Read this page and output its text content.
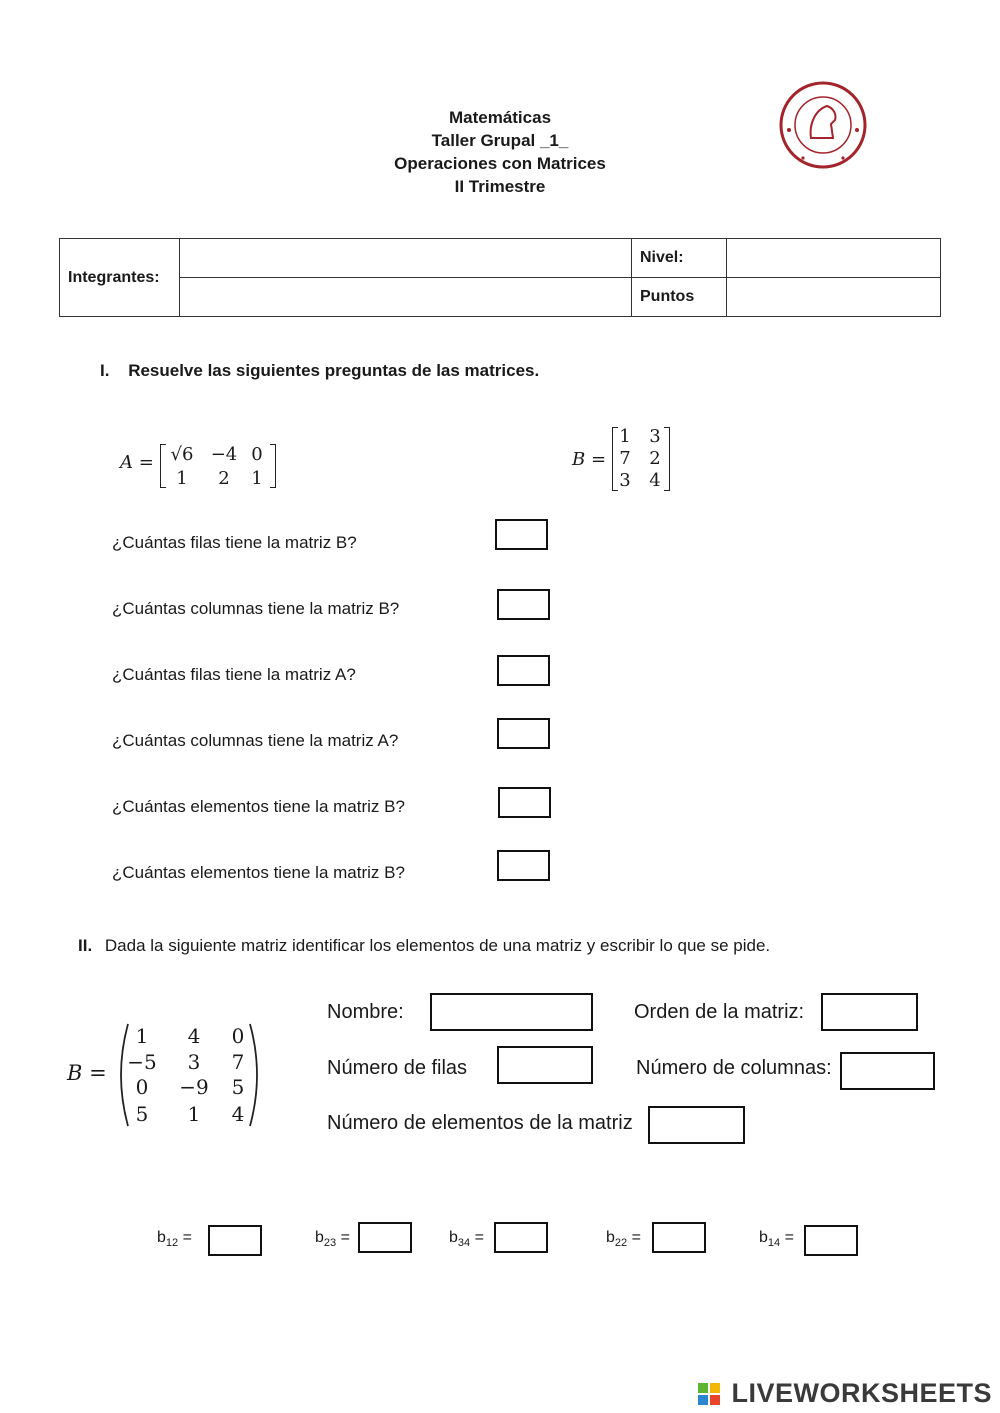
Matemáticas
Taller Grupal _1_
Operaciones con Matrices
II Trimestre
Integrantes:		Nivel:	
		Puntos	
I. Resuelve las siguientes preguntas de las matrices.
A = √6 −4 0
1	2	1
B =
1	3
7	2
3	4
¿Cuántas filas tiene la matriz B?
¿Cuántas columnas tiene la matriz B?
¿Cuántas filas tiene la matriz A?
¿Cuántas columnas tiene la matriz A?
¿Cuántas elementos tiene la matriz B?
¿Cuántas elementos tiene la matriz B?
II. Dada la siguiente matriz identificar los elementos de una matriz y escribir lo que se pide.
B =
1	4	0
−5	3	7
0	−9	5
5	1	4
Nombre:	Orden de la matriz:
Número de filas	Número de columnas:
Número de elementos de la matriz
$b_{12}$ =	$b_{23}$ =	$b_{34}$ =	$b_{22}$ =	$b_{14}$ =
LIVEWORKSHEETS
